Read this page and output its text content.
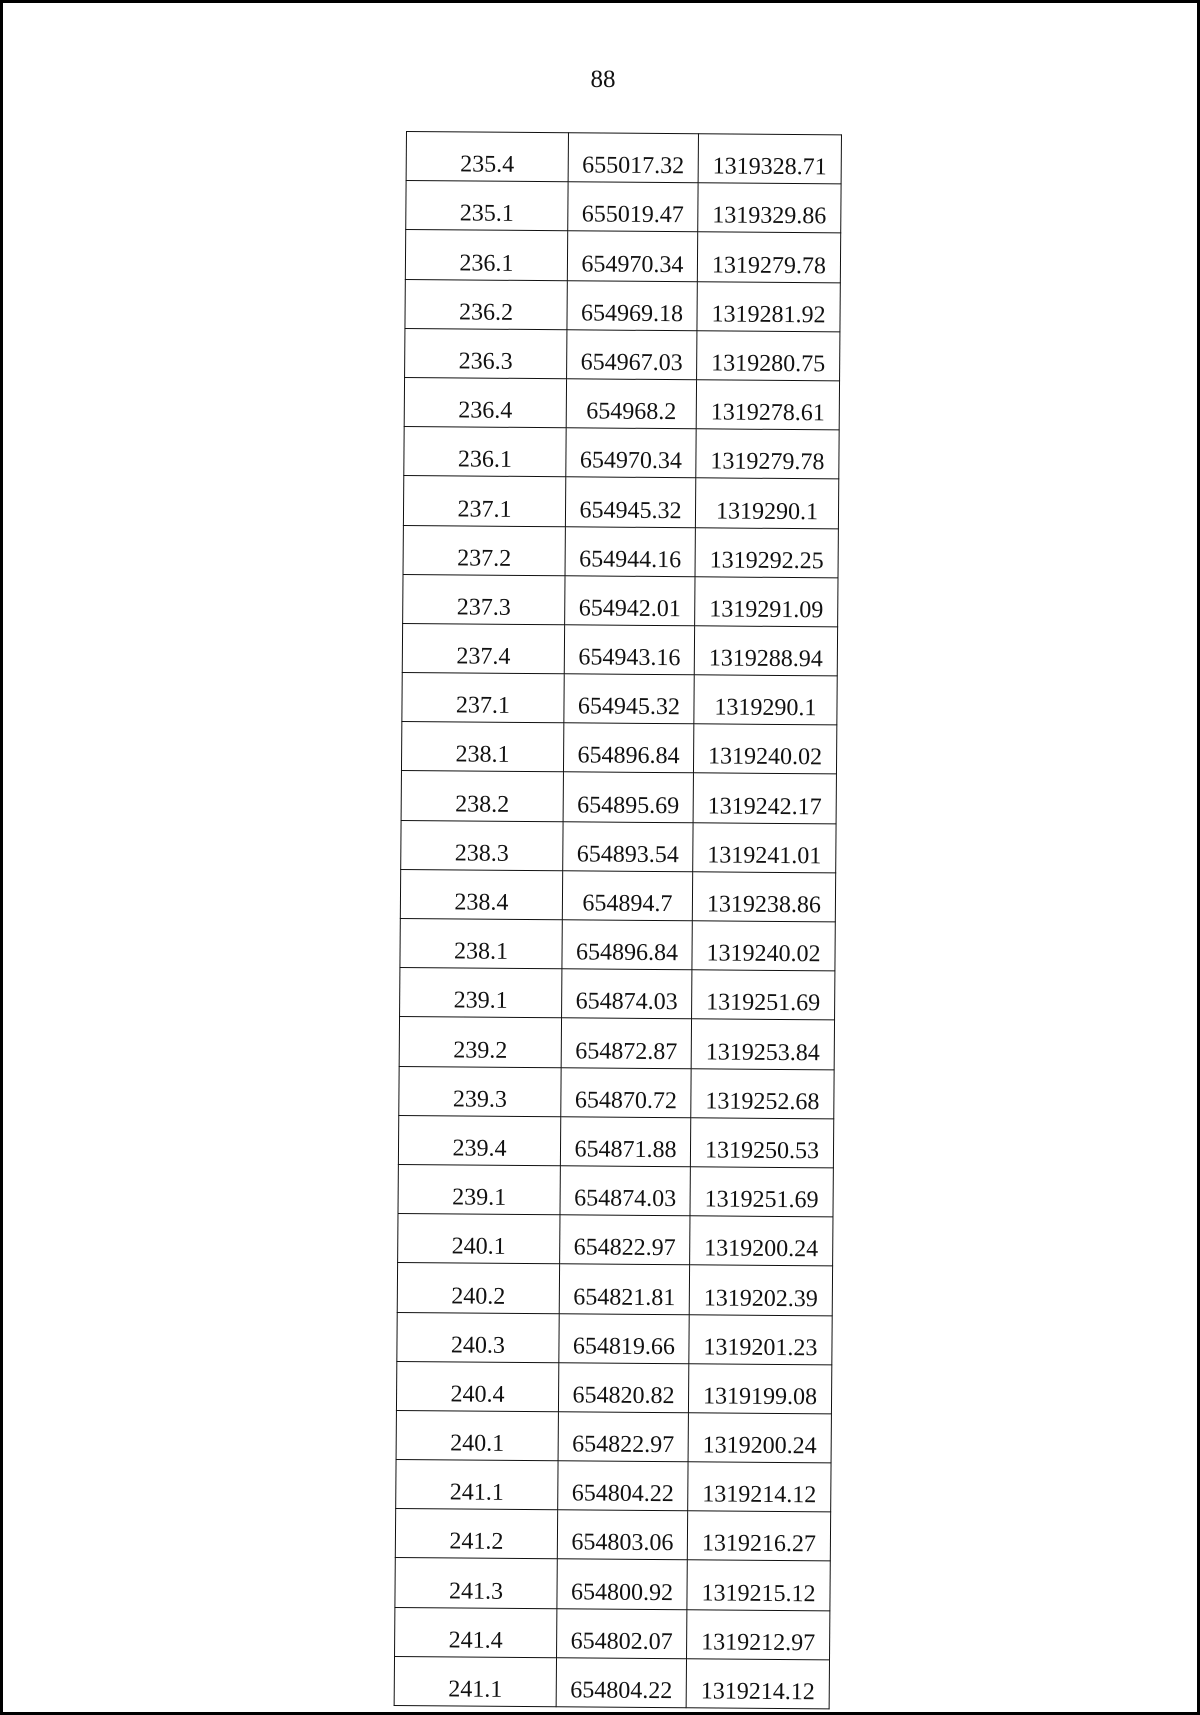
88
235.4	655017.32	1319328.71
235.1	655019.47	1319329.86
236.1	654970.34	1319279.78
236.2	654969.18	1319281.92
236.3	654967.03	1319280.75
236.4	654968.2	1319278.61
236.1	654970.34	1319279.78
237.1	654945.32	1319290.1
237.2	654944.16	1319292.25
237.3	654942.01	1319291.09
237.4	654943.16	1319288.94
237.1	654945.32	1319290.1
238.1	654896.84	1319240.02
238.2	654895.69	1319242.17
238.3	654893.54	1319241.01
238.4	654894.7	1319238.86
238.1	654896.84	1319240.02
239.1	654874.03	1319251.69
239.2	654872.87	1319253.84
239.3	654870.72	1319252.68
239.4	654871.88	1319250.53
239.1	654874.03	1319251.69
240.1	654822.97	1319200.24
240.2	654821.81	1319202.39
240.3	654819.66	1319201.23
240.4	654820.82	1319199.08
240.1	654822.97	1319200.24
241.1	654804.22	1319214.12
241.2	654803.06	1319216.27
241.3	654800.92	1319215.12
241.4	654802.07	1319212.97
241.1	654804.22	1319214.12
